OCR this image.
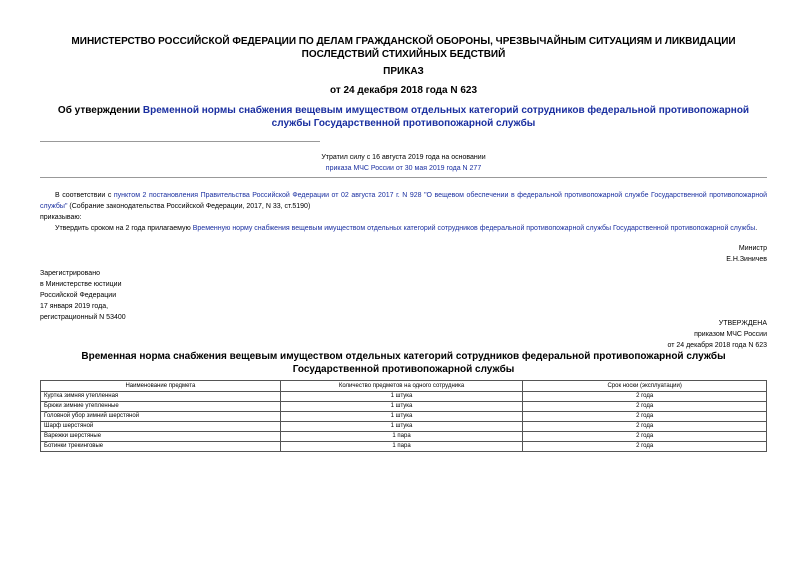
МИНИСТЕРСТВО РОССИЙСКОЙ ФЕДЕРАЦИИ ПО ДЕЛАМ ГРАЖДАНСКОЙ ОБОРОНЫ, ЧРЕЗВЫЧАЙНЫМ СИТУАЦИЯМ И ЛИКВИДАЦИИ ПОСЛЕДСТВИЙ СТИХИЙНЫХ БЕДСТВИЙ
ПРИКАЗ
от 24 декабря 2018 года N 623
Об утверждении Временной нормы снабжения вещевым имуществом отдельных категорий сотрудников федеральной противопожарной службы Государственной противопожарной службы
Утратил силу с 16 августа 2019 года на основании
приказа МЧС России от 30 мая 2019 года N 277
В соответствии с пунктом 2 постановления Правительства Российской Федерации от 02 августа 2017 г. N 928 "О вещевом обеспечении в федеральной противопожарной службе Государственной противопожарной службы" (Собрание законодательства Российской Федерации, 2017, N 33, ст.5190)
приказываю:
Утвердить сроком на 2 года прилагаемую Временную норму снабжения вещевым имуществом отдельных категорий сотрудников федеральной противопожарной службы Государственной противопожарной службы.
Министр
Е.Н.Зиничев
Зарегистрировано
в Министерстве юстиции
Российской Федерации
17 января 2019 года,
регистрационный N 53400
УТВЕРЖДЕНА
приказом МЧС России
от 24 декабря 2018 года N 623
Временная норма снабжения вещевым имуществом отдельных категорий сотрудников федеральной противопожарной службы Государственной противопожарной службы
Наименование предмета	Количество предметов на одного сотрудника	Срок носки (эксплуатации)
Куртка зимняя утепленная	1 штука	2 года
Брюки зимние утепленные	1 штука	2 года
Головной убор зимний шерстяной	1 штука	2 года
Шарф шерстяной	1 штука	2 года
Варежки шерстяные	1 пара	2 года
Ботинки трекинговые	1 пара	2 года
